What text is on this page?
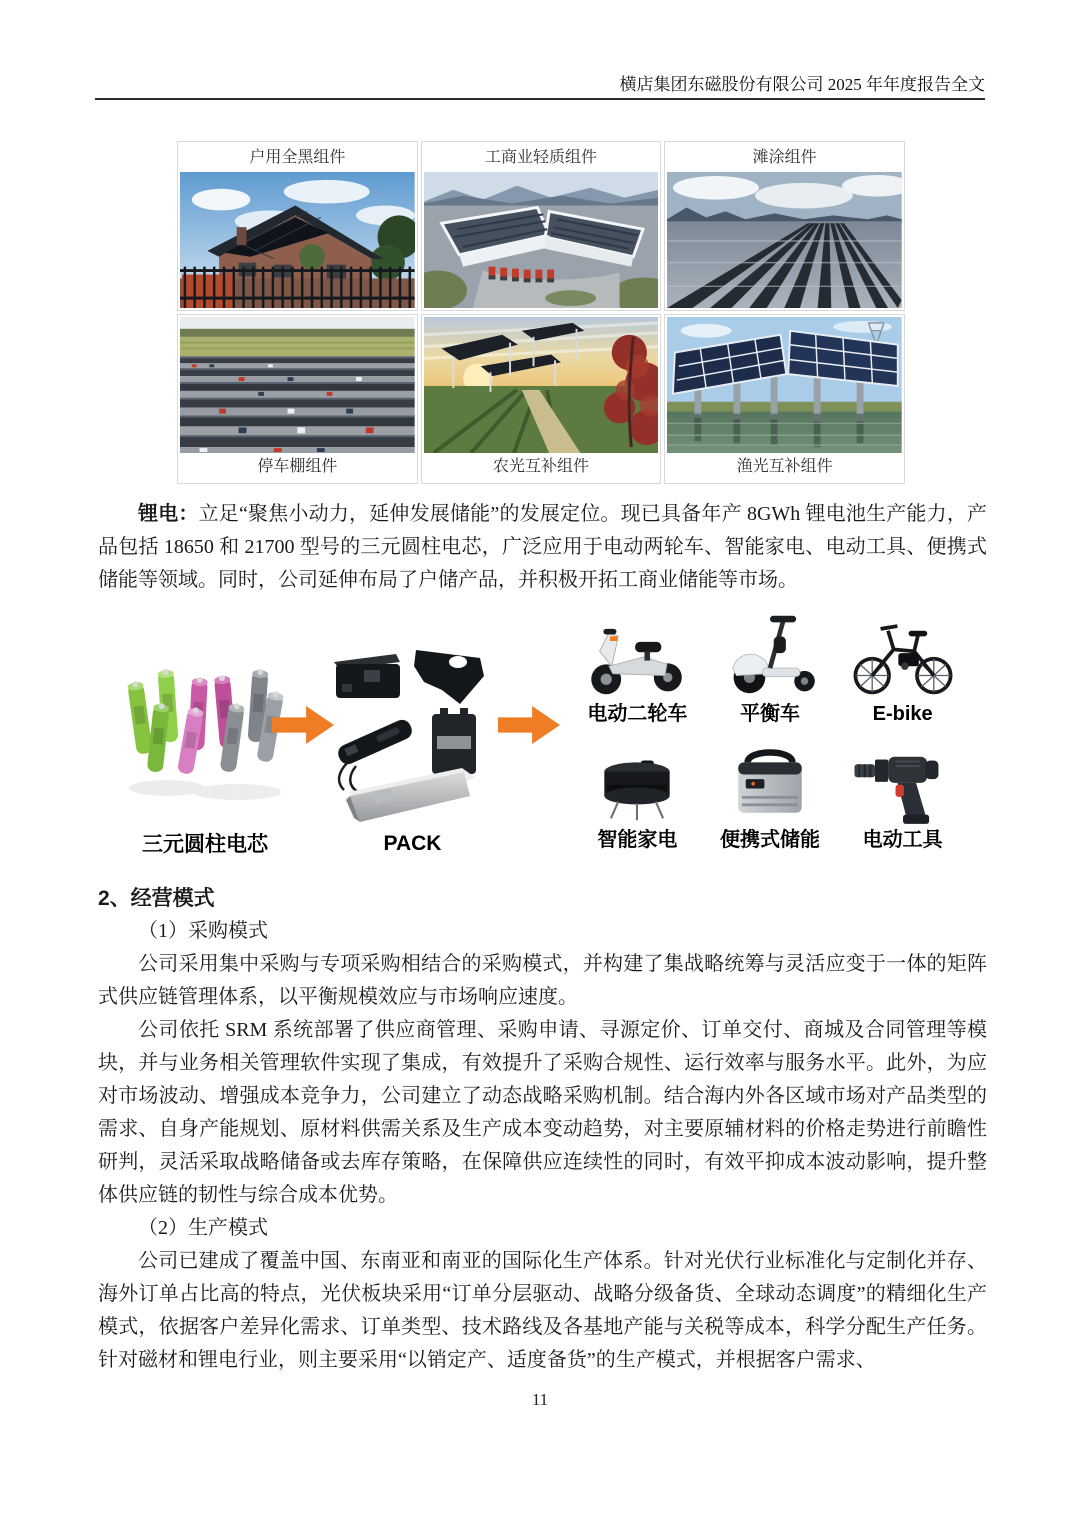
横店集团东磁股份有限公司 2025 年年度报告全文
户用全黑组件	工商业轻质组件	滩涂组件
停车棚组件	农光互补组件	渔光互补组件

锂电：立足“聚焦小动力，延伸发展储能”的发展定位。现已具备年产 8GWh 锂电池生产能力，产品包括 18650 和 21700 型号的三元圆柱电芯，广泛应用于电动两轮车、智能家电、电动工具、便携式储能等领域。同时，公司延伸布局了户储产品，并积极开拓工商业储能等市场。

三元圆柱电芯	PACK
电动二轮车	平衡车	E-bike
智能家电 便携式储能 电动工具
2、经营模式

（1）采购模式

公司采用集中采购与专项采购相结合的采购模式，并构建了集战略统筹与灵活应变于一体的矩阵式供应链管理体系，以平衡规模效应与市场响应速度。

公司依托 SRM 系统部署了供应商管理、采购申请、寻源定价、订单交付、商城及合同管理等模块，并与业务相关管理软件实现了集成，有效提升了采购合规性、运行效率与服务水平。此外，为应对市场波动、增强成本竞争力，公司建立了动态战略采购机制。结合海内外各区域市场对产品类型的需求、自身产能规划、原材料供需关系及生产成本变动趋势，对主要原辅材料的价格走势进行前瞻性研判，灵活采取战略储备或去库存策略，在保障供应连续性的同时，有效平抑成本波动影响，提升整体供应链的韧性与综合成本优势。

（2）生产模式

公司已建成了覆盖中国、东南亚和南亚的国际化生产体系。针对光伏行业标准化与定制化并存、海外订单占比高的特点，光伏板块采用“订单分层驱动、战略分级备货、全球动态调度”的精细化生产模式，依据客户差异化需求、订单类型、技术路线及各基地产能与关税等成本，科学分配生产任务。针对磁材和锂电行业，则主要采用“以销定产、适度备货”的生产模式，并根据客户需求、

11
